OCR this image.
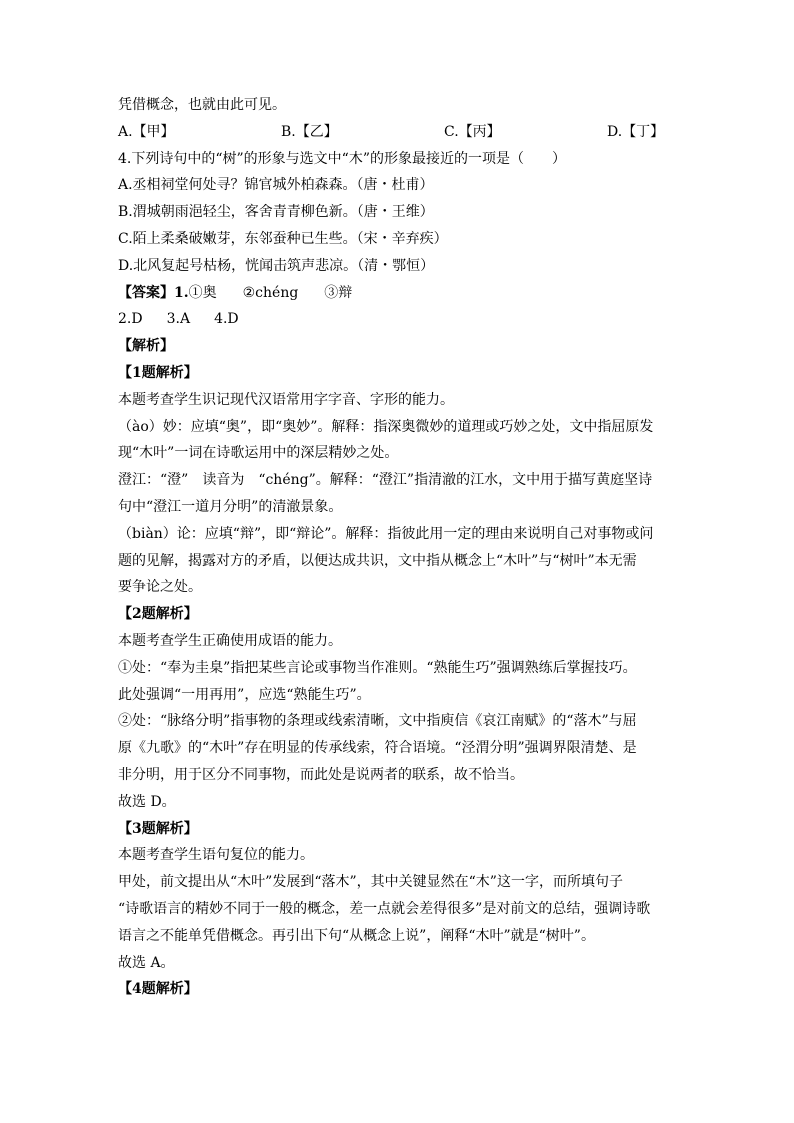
凭借概念，也就由此可见。
A.【甲】	B.【乙】	C.【丙】	D.【丁】
4.下列诗句中的“树”的形象与选文中“木”的形象最接近的一项是（　　）
A.丞相祠堂何处寻？锦官城外柏森森。（唐・杜甫）
B.渭城朝雨浥轻尘，客舍青青柳色新。（唐・王维）
C.陌上柔桑破嫩芽，东邻蚕种已生些。（宋・辛弃疾）
D.北风复起号枯杨，恍闻击筑声悲凉。（清・鄂恒）
【答案】1.①奥 ②chéng ③辩
2.D 3.A 4.D
【解析】
【1题解析】
本题考查学生识记现代汉语常用字字音、字形的能力。
（ào）妙：应填“奥”，即“奥妙”。解释：指深奥微妙的道理或巧妙之处，文中指屈原发
现“木叶”一词在诗歌运用中的深层精妙之处。
澄江：“澄”　读音为　“chéng”。解释：“澄江”指清澈的江水，文中用于描写黄庭坚诗
句中“澄江一道月分明”的清澈景象。
（biàn）论：应填“辩”，即“辩论”。解释：指彼此用一定的理由来说明自己对事物或问
题的见解，揭露对方的矛盾，以便达成共识，文中指从概念上“木叶”与“树叶”本无需
要争论之处。
【2题解析】
本题考查学生正确使用成语的能力。
①处：“奉为圭臬”指把某些言论或事物当作准则。“熟能生巧”强调熟练后掌握技巧。
此处强调“一用再用”，应选“熟能生巧”。
②处：“脉络分明”指事物的条理或线索清晰，文中指庾信《哀江南赋》的“落木”与屈
原《九歌》的“木叶”存在明显的传承线索，符合语境。“泾渭分明”强调界限清楚、是
非分明，用于区分不同事物，而此处是说两者的联系，故不恰当。
故选 D。
【3题解析】
本题考查学生语句复位的能力。
甲处，前文提出从“木叶”发展到“落木”，其中关键显然在“木”这一字，而所填句子
“诗歌语言的精妙不同于一般的概念，差一点就会差得很多”是对前文的总结，强调诗歌
语言之不能单凭借概念。再引出下句“从概念上说”，阐释“木叶”就是“树叶”。
故选 A。
【4题解析】
